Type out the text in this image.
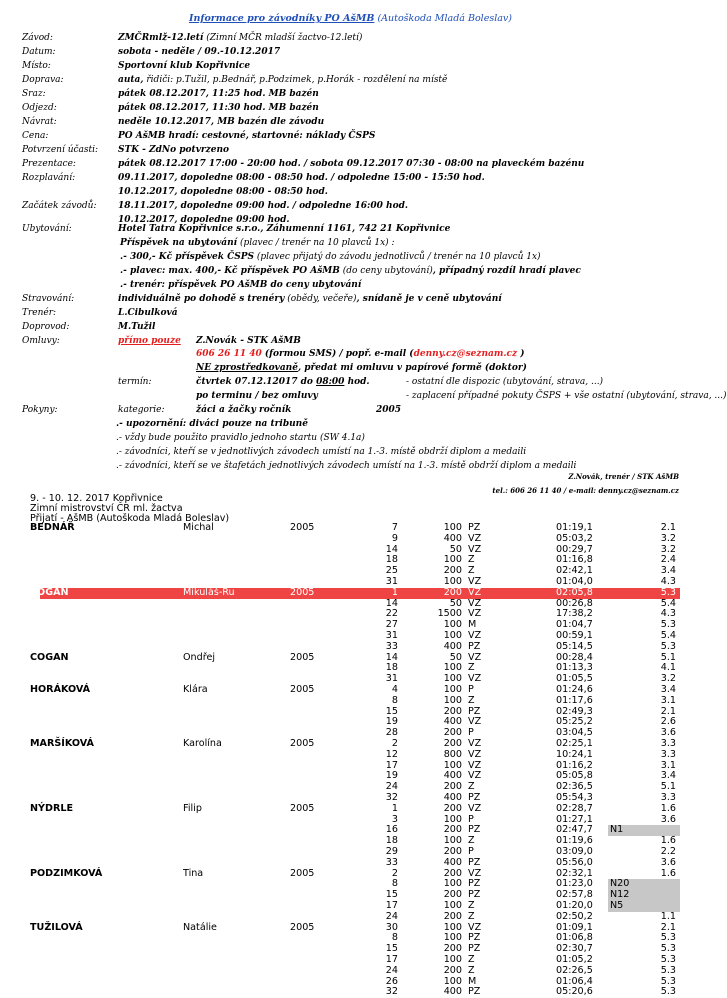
Informace pro závodníky PO AšMB (Autoškoda Mladá Boleslav)
Závod:	ZMČRmlž-12.letí (Zimní MČR mladší žactvo-12.letí)
Datum:	sobota - neděle / 09.-10.12.2017
Místo:	Sportovní klub Kopřivnice
Doprava:	auta, řidiči: p.Tužil, p.Bednář, p.Podzimek, p.Horák - rozdělení na místě
Sraz:	pátek 08.12.2017, 11:25 hod. MB bazén
Odjezd:	pátek 08.12.2017, 11:30 hod. MB bazén
Návrat:	neděle 10.12.2017, MB bazén dle závodu
Cena:	PO AšMB hradí: cestovné, startovné: náklady ČSPS
Potvrzení účasti: STK - ZdNo potvrzeno
Prezentace:	pátek 08.12.2017 17:00 - 20:00 hod. / sobota 09.12.2017 07:30 - 08:00 na plaveckém bazénu
Rozplavání:	09.11.2017, dopoledne 08:00 - 08:50 hod. / odpoledne 15:00 - 15:50 hod.
10.12.2017, dopoledne 08:00 - 08:50 hod.
Začátek závodů: 18.11.2017, dopoledne 09:00 hod. / odpoledne 16:00 hod.
10.12.2017, dopoledne 09:00 hod.
Ubytování:	Hotel Tatra Kopřivnice s.r.o., Záhumenní 1161, 742 21 Kopřivnice
Příspěvek na ubytování (plavec / trenér na 10 plavců 1x) :
.- 300,- Kč příspěvek ČSPS (plavec přijatý do závodu jednotlivců / trenér na 10 plavců 1x)
.- plavec: max. 400,- Kč příspěvek PO AšMB (do ceny ubytování), případný rozdíl hradí plavec
.- trenér: příspěvek PO AšMB do ceny ubytování
Stravování:	individuálně po dohodě s trenéry (obědy, večeře), snídaně je v ceně ubytování
Trenér:	L.Cibulková
Doprovod:	M.Tužil
Omluvy:	přímo pouze Z.Novák - STK AšMB
606 26 11 40 (formou SMS) / popř. e-mail (denny.cz@seznam.cz )
NE zprostředkovaně, předat mi omluvu v papírové formě (doktor)
termín:	čtvrtek 07.12.12017 do 08:00 hod.	- ostatní dle dispozic (ubytování, strava, ...)
po terminu / bez omluvy	- zaplacení případné pokuty ČSPS + vše ostatní (ubytování, strava, ...)
Pokyny:	kategorie:	žáci a žačky ročník	2005
.- upozornění: diváci pouze na tribuně
.- vždy bude použito pravidlo jednoho startu (SW 4.1a)
.- závodníci, kteří se v jednotlivých závodech umístí na 1.-3. místě obdrží diplom a medaili
.- závodníci, kteří se ve štafetách jednotlivých závodech umístí na 1.-3. místě obdrží diplom a medaili
Z.Novák, trenér / STK AšMB
tel.: 606 26 11 40 / e-mail: denny.cz@seznam.cz
9. - 10. 12. 2017 Kopřivnice
Zimní mistrovství ČR ml. žactva
Přijatí - AšMB (Autoškoda Mladá Boleslav)
BEDNÁŘ	Michal	2005	7	100 PZ	01:19,1	2.1
9	400 VZ	05:03,2	3.2
14	50 VZ	00:29,7	3.2
18	100 Z	01:16,8	2.4
25	200 Z	02:42,1	3.4
31	100 VZ	01:04,0	4.3
COGAN	Mikuláš-Ru	2005	1	200 VZ	02:05,8	5.3
14	50 VZ	00:26,8	5.4
22	1500 VZ	17:38,2	4.3
27	100 M	01:04,7	5.3
31	100 VZ	00:59,1	5.4
33	400 PZ	05:14,5	5.3
COGAN	Ondřej	2005	14	50 VZ	00:28,4	5.1
18	100 Z	01:13,3	4.1
31	100 VZ	01:05,5	3.2
HORÁKOVÁ	Klára	2005	4	100 P	01:24,6	3.4
8	100 Z	01:17,6	3.1
15	200 PZ	02:49,3	2.1
19	400 VZ	05:25,2	2.6
28	200 P	03:04,5	3.6
MARŠÍKOVÁ	Karolína	2005	2	200 VZ	02:25,1	3.3
12	800 VZ	10:24,1	3.3
17	100 VZ	01:16,2	3.1
19	400 VZ	05:05,8	3.4
24	200 Z	02:36,5	5.1
32	400 PZ	05:54,3	3.3
NÝDRLE	Filip	2005	1	200 VZ	02:28,7	1.6
3	100 P	01:27,1	3.6
16	200 PZ	02:47,7 N1
18	100 Z	01:19,6	1.6
29	200 P	03:09,0	2.2
33	400 PZ	05:56,0	3.6
PODZIMKOVÁ	Tina	2005	2	200 VZ	02:32,1	1.6
8	100 PZ	01:23,0 N20
15	200 PZ	02:57,8 N12
17	100 Z	01:20,0 N5
24	200 Z	02:50,2	1.1
TUŽILOVÁ	Natálie	2005	30	100 VZ	01:09,1	2.1
8	100 PZ	01:06,8	5.3
15	200 PZ	02:30,7	5.3
17	100 Z	01:05,2	5.3
24	200 Z	02:26,5	5.3
26	100 M	01:06,4	5.3
32	400 PZ	05:20,6	5.3
